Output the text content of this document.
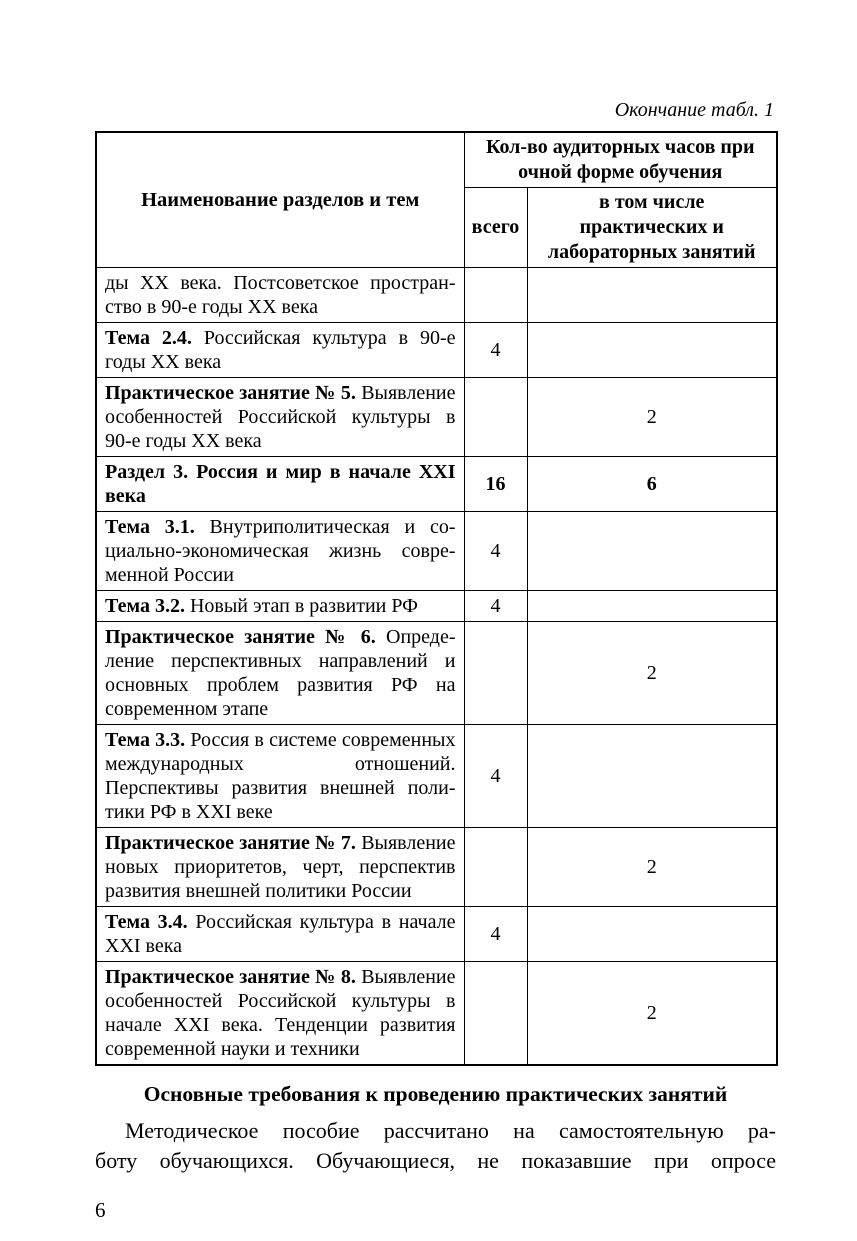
Окончание табл. 1
Наименование разделов и тем	Кол-во аудиторных часов при очной форме обучения	
	всего	в том числе практических и лабораторных занятий
ды XX века. Постсоветское пространство в 90-е годы XX века		
Тема 2.4. Российская культура в 90-е годы XX века	4	
Практическое занятие № 5. Выявление особенностей Российской культуры в 90-е годы XX века		2
Раздел 3. Россия и мир в начале XXI века	16	6
Тема 3.1. Внутриполитическая и социально-экономическая жизнь современной России	4	
Тема 3.2. Новый этап в развитии РФ	4	
Практическое занятие № 6. Определение перспективных направлений и основных проблем развития РФ на современном этапе		2
Тема 3.3. Россия в системе современных международных отношений. Перспективы развития внешней политики РФ в XXI веке	4	
Практическое занятие № 7. Выявление новых приоритетов, черт, перспектив развития внешней политики России		2
Тема 3.4. Российская культура в начале XXI века	4	
Практическое занятие № 8. Выявление особенностей Российской культуры в начале XXI века. Тенденции развития современной науки и техники		2
Основные требования к проведению практических занятий
Методическое пособие рассчитано на самостоятельную ра-
боту обучающихся. Обучающиеся, не показавшие при опросе
6
